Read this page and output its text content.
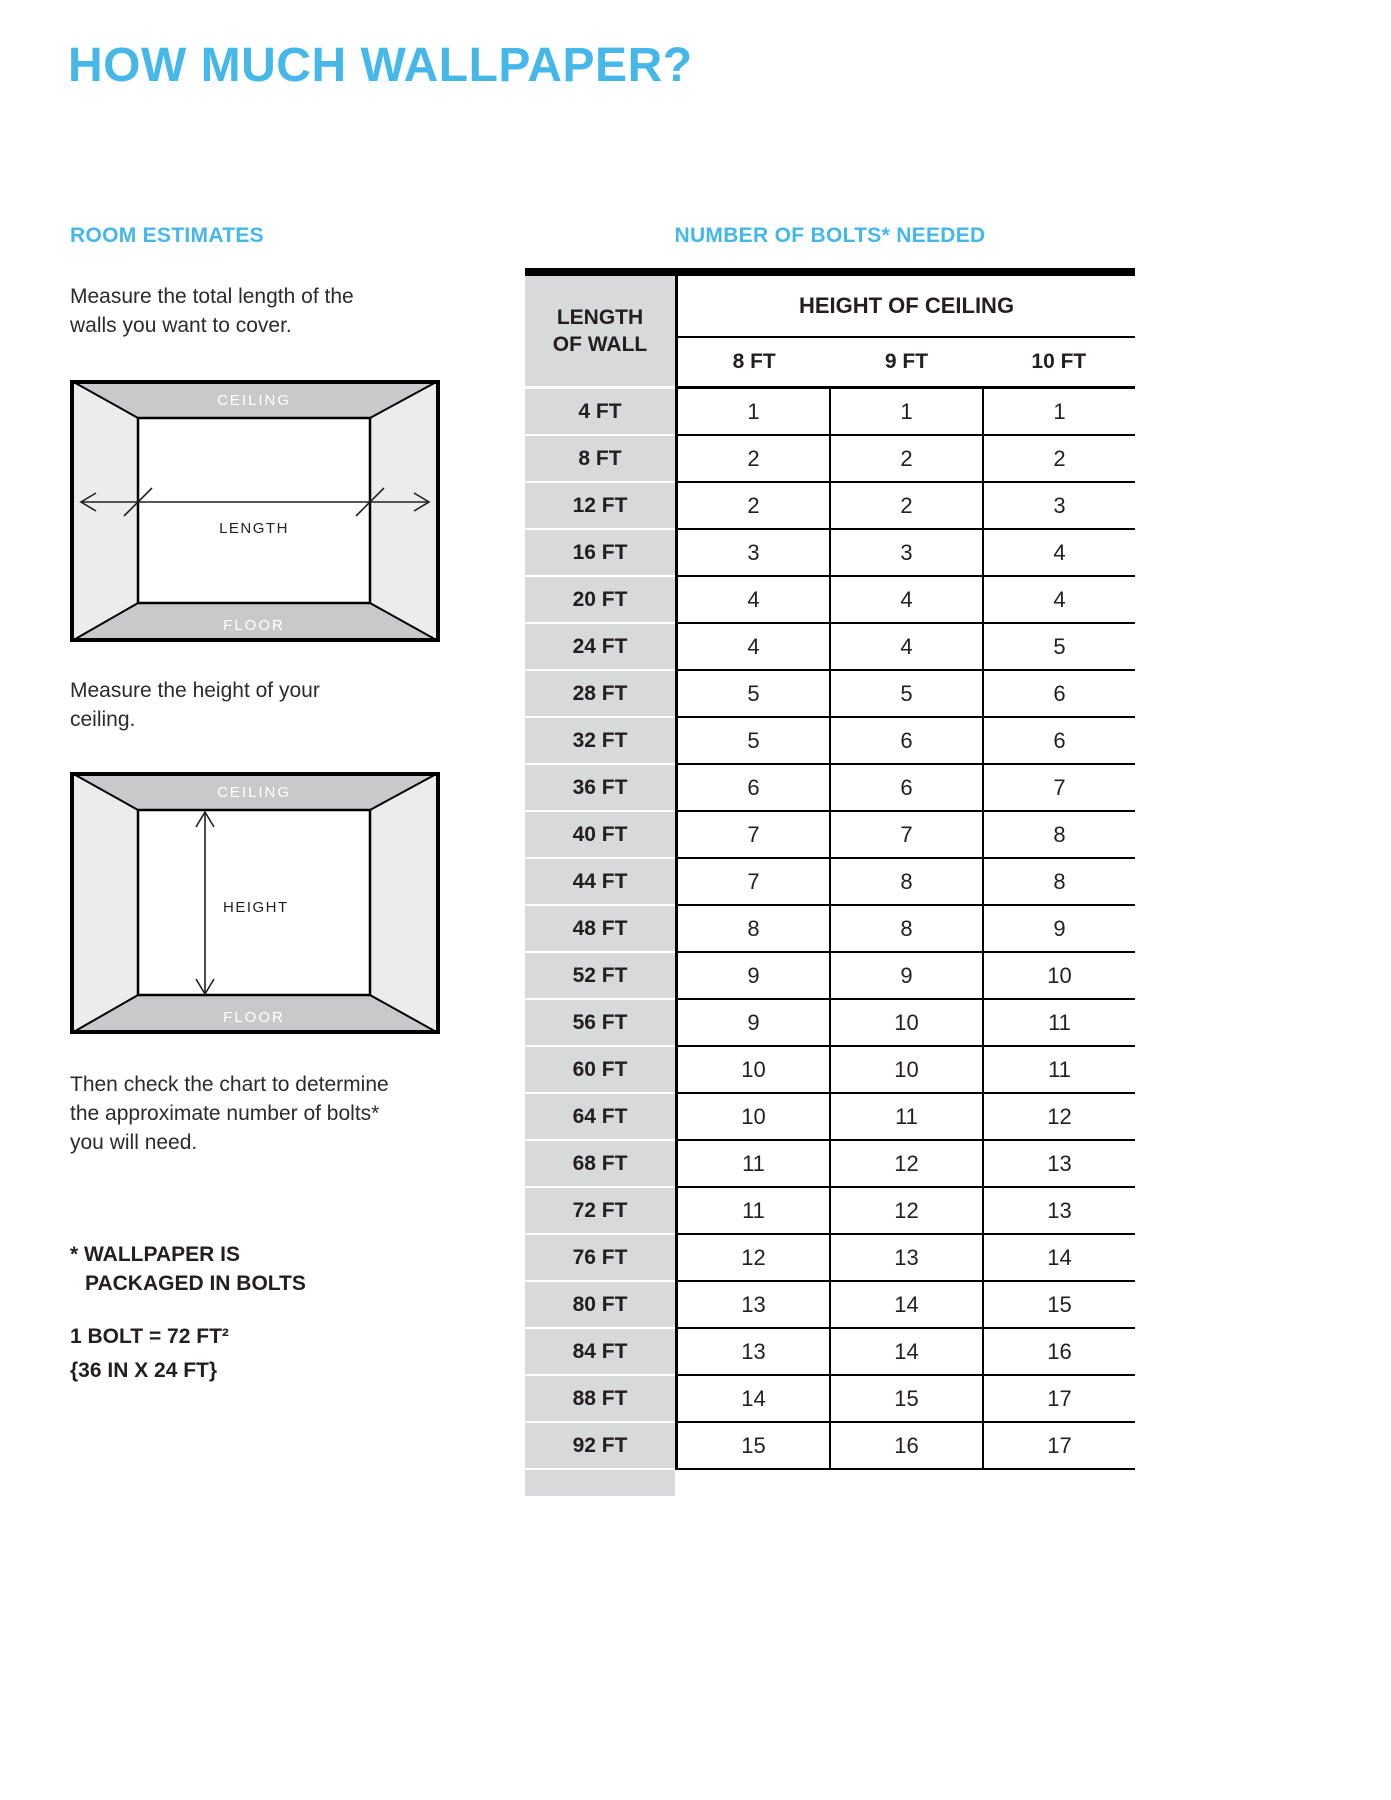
HOW MUCH WALLPAPER?
ROOM ESTIMATES

Measure the total length of the walls you want to cover.

CEILING
FLOOR
LENGTH

Measure the height of your ceiling.

CEILING
FLOOR
HEIGHT

Then check the chart to determine the approximate number of bolts* you will need.

* WALLPAPER IS
PACKAGED IN BOLTS
1 BOLT = 72 FT²
{36 IN X 24 FT}
NUMBER OF BOLTS* NEEDED
LENGTH OF WALL
HEIGHT OF CEILING
8 FT	9 FT	10 FT
4 FT	1	1	1
8 FT	2	2	2
12 FT	2	2	3
16 FT	3	3	4
20 FT	4	4	4
24 FT	4	4	5
28 FT	5	5	6
32 FT	5	6	6
36 FT	6	6	7
40 FT	7	7	8
44 FT	7	8	8
48 FT	8	8	9
52 FT	9	9	10
56 FT	9	10	11
60 FT	10	10	11
64 FT	10	11	12
68 FT	11	12	13
72 FT	11	12	13
76 FT	12	13	14
80 FT	13	14	15
84 FT	13	14	16
88 FT	14	15	17
92 FT	15	16	17
